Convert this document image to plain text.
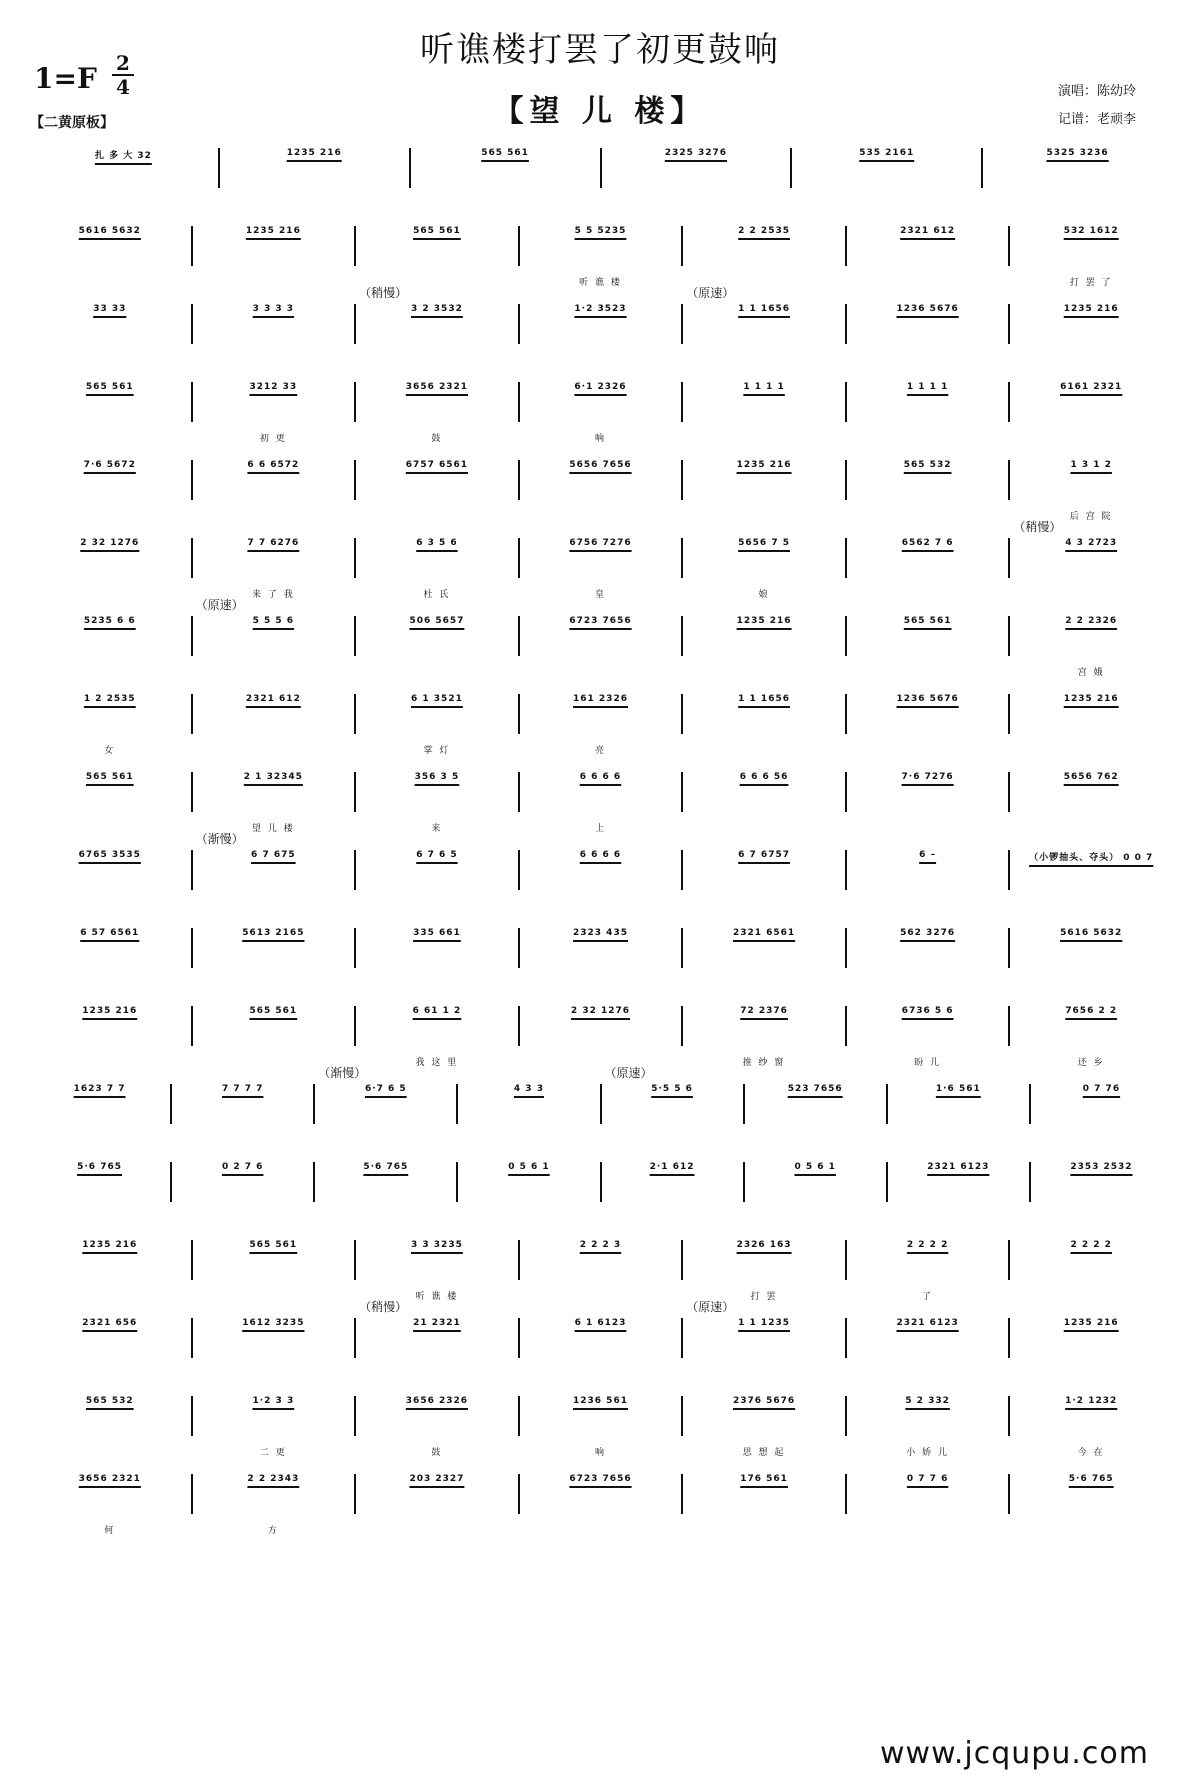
听谯楼打罢了初更鼓响
【望 儿 楼】
1=F 2
4
【二黄原板】
演唱：陈幼玲
记谱：老顽李
扎 多 大 32	1235 216	565 561	2325 3276	535 2161	5325 3236
5616 5632	1235 216	565 561	5 5 5235
听 谯 楼
2 2 2535	2321 612	532 1612
打 罢 了
33 33	3 3 3 3
（稍慢）
3 2 3532	1·2 3523
（原速）
1 1 1656	1236 5676	1235 216
565 561	3212 33
初 更
3656 2321
鼓
6·1 2326
响
1 1 1 1	1 1 1 1	6161 2321
7·6 5672	6 6 6572	6757 6561	5656 7656	1235 216	565 532	1 3 1 2
后 宫 院
2 32 1276	7 7 6276
来 了 我
6 3 5 6
杜 氏
6756 7276
皇
5656 7 5
娘
6562 7 6
（稍慢）
4 3 2723
5235 6 6
（原速）
5 5 5 6	506 5657	6723 7656	1235 216	565 561	2 2 2326
宫 娥
1 2 2535
女
2321 612	6 1 3521
掌 灯
161 2326
亮
1 1 1656	1236 5676	1235 216
565 561	2 1 32345
望 儿 楼
356 3 5
来
6 6 6 6
上
6 6 6 56	7·6 7276	5656 762
6765 3535
（渐慢）
6 7 675	6 7 6 5	6 6 6 6	6 7 6757	6 –	（小锣抽头、夺头） 0 0 7
6 57 6561	5613 2165	335 661	2323 435	2321 6561	562 3276	5616 5632
1235 216	565 561	6 61 1 2
我 这 里
2 32 1276	72 2376
推 纱 窗
6736 5 6
盼 儿
7656 2 2
还 乡
1623 7 7	7 7 7 7
（渐慢）
6·7 6 5	4 3 3
（原速）
5·5 5 6	523 7656	1·6 561	0 7 76
5·6 765	0 2 7 6	5·6 765	0 5 6 1	2·1 612	0 5 6 1	2321 6123	2353 2532
1235 216	565 561	3 3 3235
听 谯 楼
2 2 2 3	2326 163
打 罢
2 2 2 2
了
2 2 2 2
2321 656	1612 3235
（稍慢）
21 2321	6 1 6123
（原速）
1 1 1235	2321 6123	1235 216
565 532	1·2 3 3
二 更
3656 2326
鼓
1236 561
响
2376 5676
思 想 起
5 2 332
小 娇 儿
1·2 1232
今 在
3656 2321
何
2 2 2343
方
203 2327	6723 7656	176 561	0 7 7 6	5·6 765
www.jcqupu.com
